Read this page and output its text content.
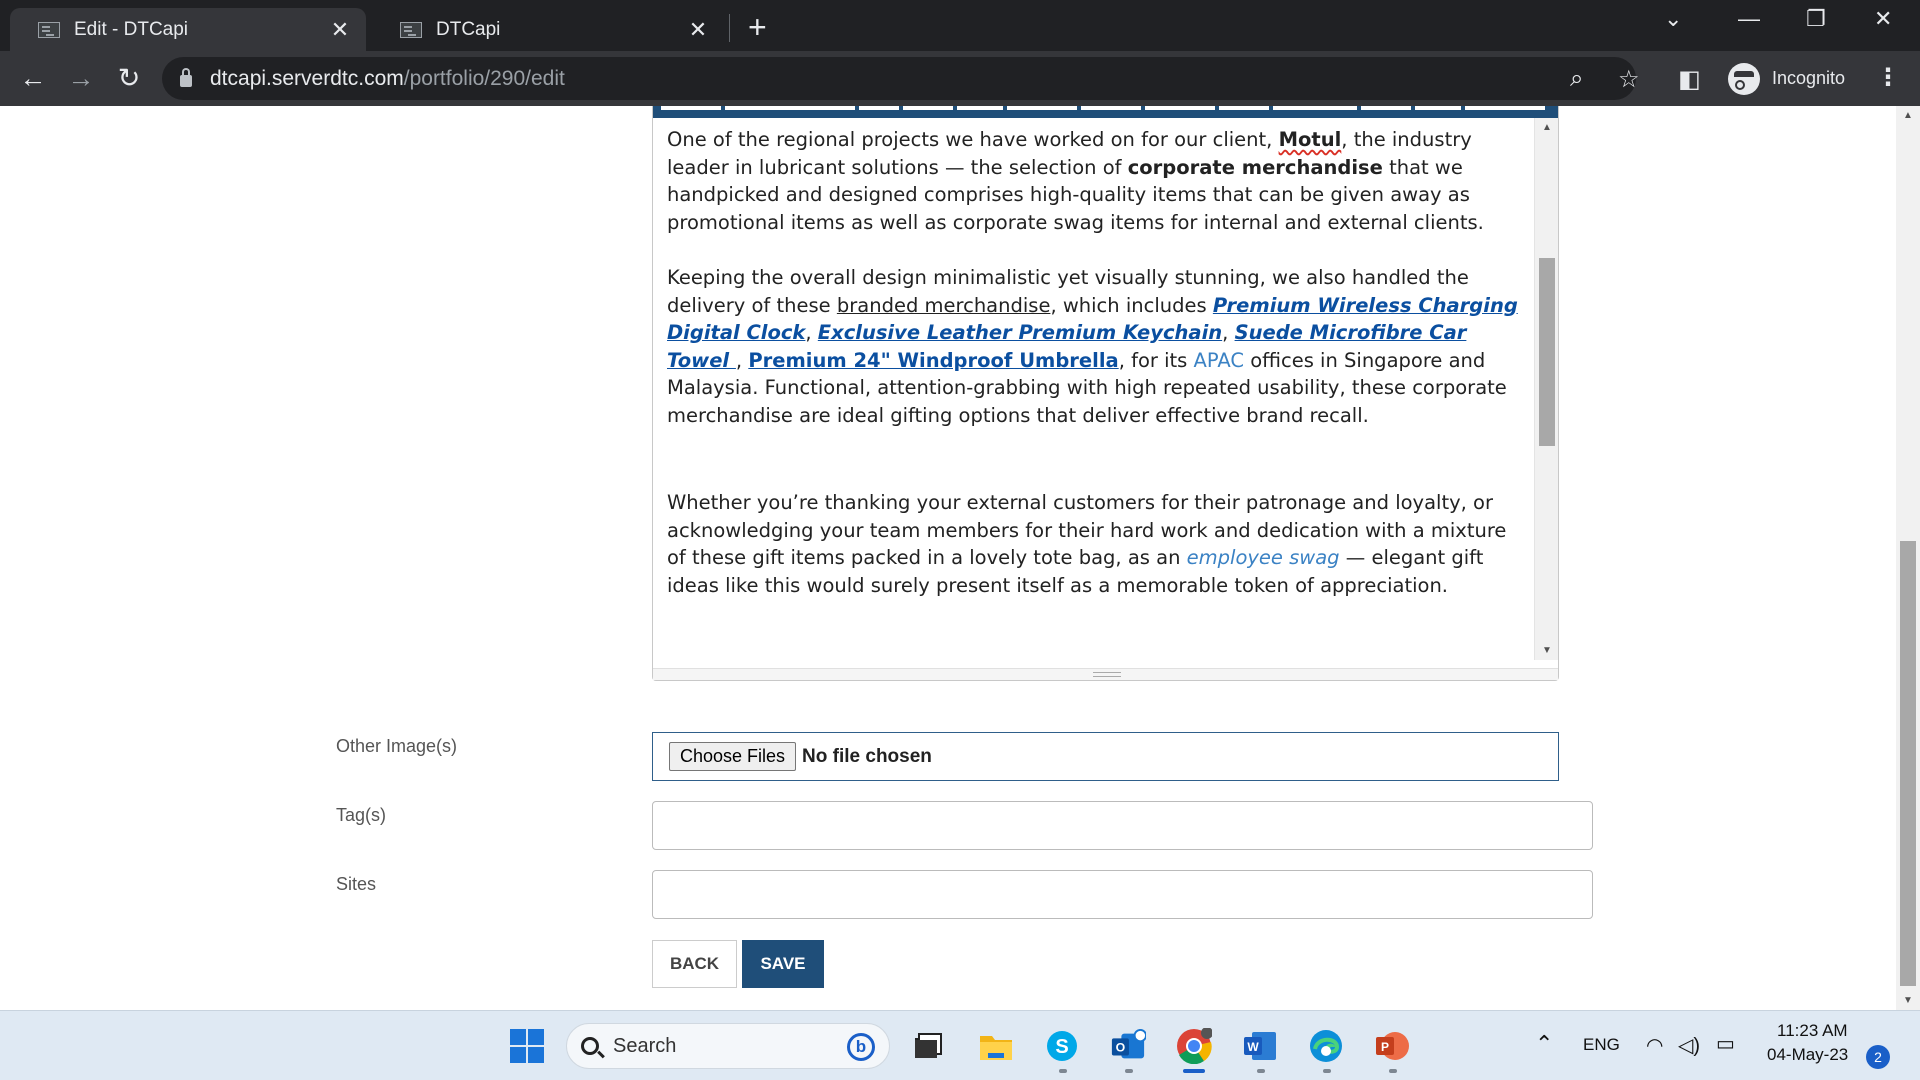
Edit - DTCapi	✕	DTCapi	✕ +	⌄	— ❐ ✕
← → ↻	dtcapi.serverdtc.com /portfolio/290/edit	⌕ ☆ ◧	Incognito ⋮

One of the regional projects we have worked on for our client, Motul, the industry leader in lubricant solutions — the selection of corporate merchandise that we handpicked and designed comprises high-quality items that can be given away as promotional items as well as corporate swag items for internal and external clients.

Keeping the overall design minimalistic yet visually stunning, we also handled the delivery of these branded merchandise, which includes Premium Wireless Charging Digital Clock, Exclusive Leather Premium Keychain, Suede Microfibre Car Towel , Premium 24" Windproof Umbrella, for its APAC offices in Singapore and Malaysia. Functional, attention-grabbing with high repeated usability, these corporate merchandise are ideal gifting options that deliver effective brand recall.

Whether you’re thanking your external customers for their patronage and loyalty, or acknowledging your team members for their hard work and dedication with a mixture of these gift items packed in a lovely tote bag, as an employee swag — elegant gift ideas like this would surely present itself as a memorable token of appreciation.

▲
▼
Other Image(s)	Choose Files No file chosen
Tag(s)
Sites
BACK	SAVE
▲
▼
Search	b	S	O	W	P	⌃ ENG ◠ ◁) ▭
11:23 AM
04-May-23	2
